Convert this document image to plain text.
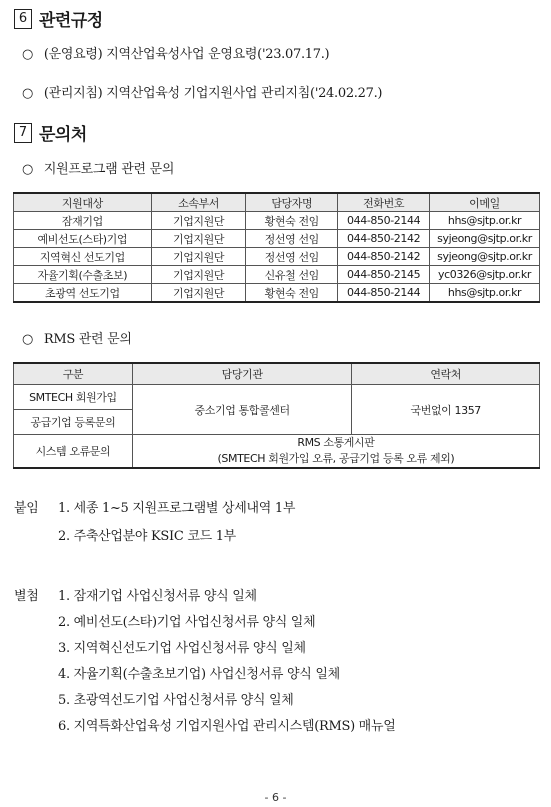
6 관련규정
○ (운영요령) 지역산업육성사업 운영요령('23.07.17.)
○ (관리지침) 지역산업육성 기업지원사업 관리지침('24.02.27.)
7 문의처
○ 지원프로그램 관련 문의
지원대상	소속부서	담당자명	전화번호	이메일
잠재기업	기업지원단	황현숙 전임	044-850-2144	hhs@sjtp.or.kr
예비선도(스타)기업	기업지원단	정선영 선임	044-850-2142	syjeong@sjtp.or.kr
지역혁신 선도기업	기업지원단	정선영 선임	044-850-2142	syjeong@sjtp.or.kr
자율기획(수출초보)	기업지원단	신유철 선임	044-850-2145	yc0326@sjtp.or.kr
초광역 선도기업	기업지원단	황현숙 전임	044-850-2144	hhs@sjtp.or.kr
○ RMS 관련 문의
구분	담당기관	연락처
SMTECH 회원가입	중소기업 통합콜센터	국번없이 1357
공급기업 등록문의		
시스템 오류문의	RMS 소통게시판
(SMTECH 회원가입 오류, 공급기업 등록 오류 제외)	
붙임 1. 세종 1~5 지원프로그램별 상세내역 1부
2. 주축산업분야 KSIC 코드 1부
별첨 1. 잠재기업 사업신청서류 양식 일체
2. 예비선도(스타)기업 사업신청서류 양식 일체
3. 지역혁신선도기업 사업신청서류 양식 일체
4. 자율기획(수출초보기업) 사업신청서류 양식 일체
5. 초광역선도기업 사업신청서류 양식 일체
6. 지역특화산업육성 기업지원사업 관리시스템(RMS) 매뉴얼
- 6 -
